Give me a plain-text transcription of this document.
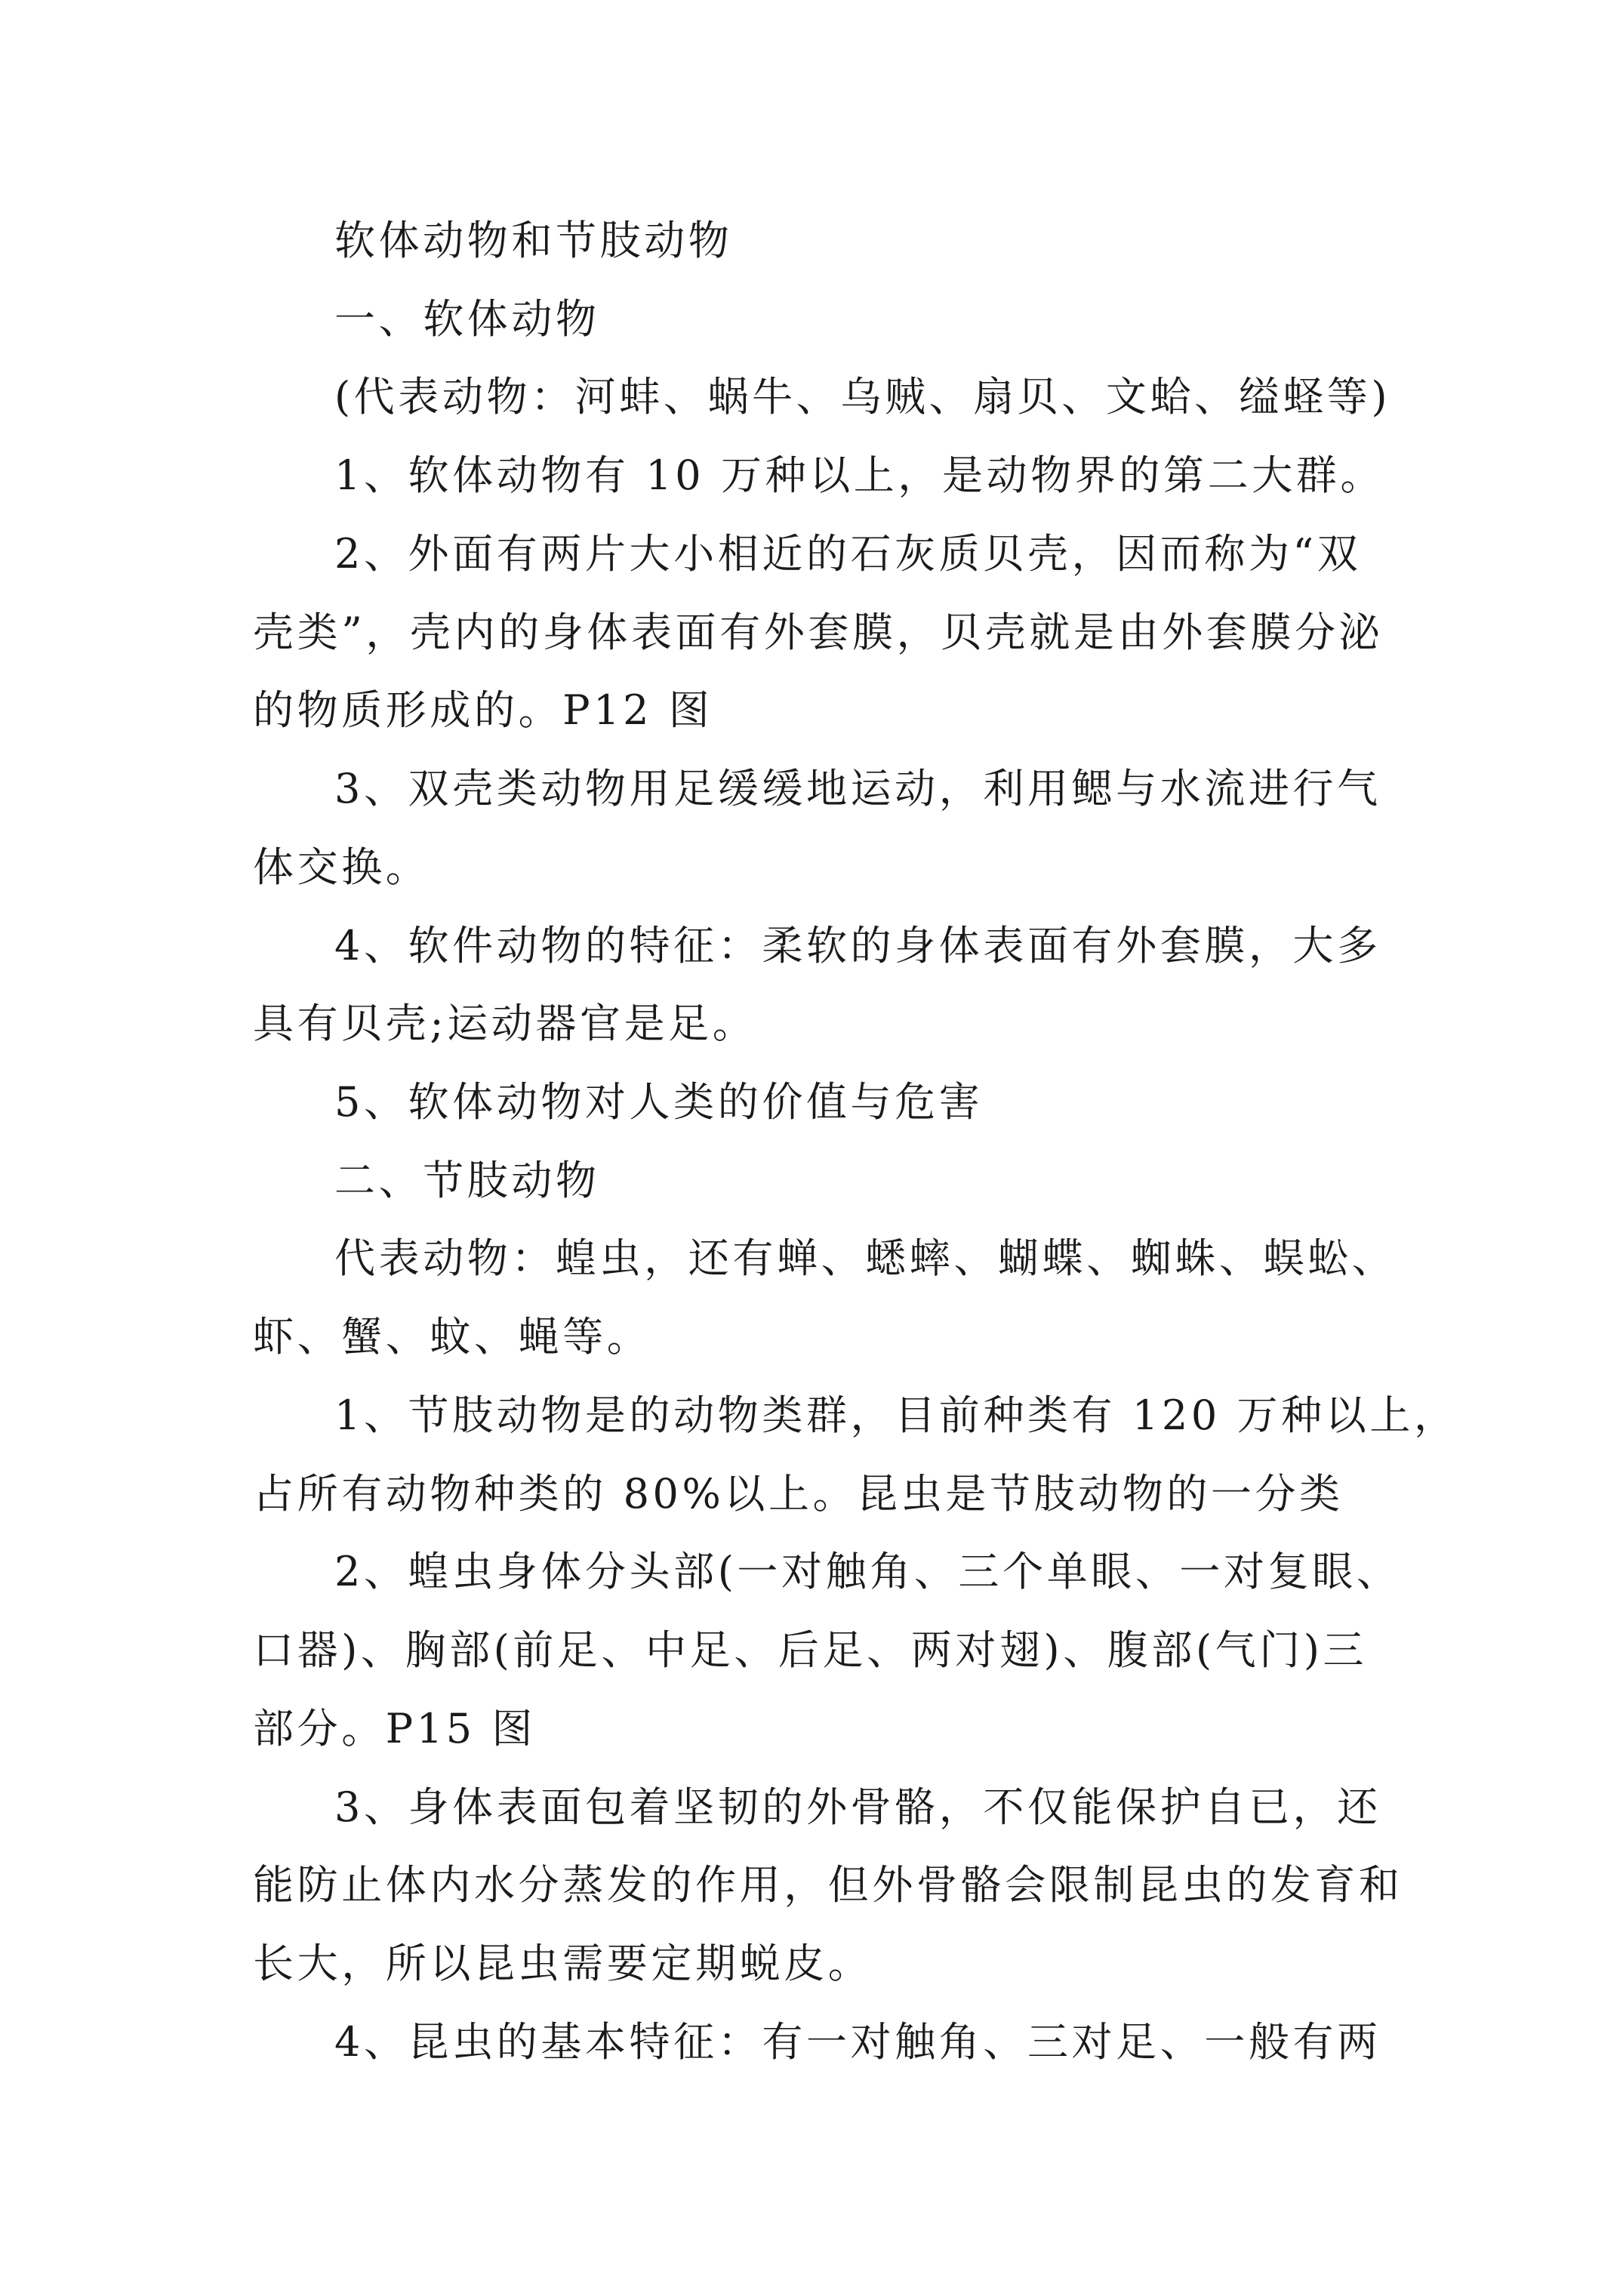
软体动物和节肢动物
一、软体动物
(代表动物：河蚌、蜗牛、乌贼、扇贝、文蛤、缢蛏等)
1、软体动物有 10 万种以上，是动物界的第二大群。
2、外面有两片大小相近的石灰质贝壳，因而称为“双
壳类”，壳内的身体表面有外套膜，贝壳就是由外套膜分泌
的物质形成的。P12 图
3、双壳类动物用足缓缓地运动，利用鳃与水流进行气
体交换。
4、软件动物的特征：柔软的身体表面有外套膜，大多
具有贝壳;运动器官是足。
5、软体动物对人类的价值与危害
二、节肢动物
代表动物：蝗虫，还有蝉、蟋蟀、蝴蝶、蜘蛛、蜈蚣、
虾、蟹、蚊、蝇等。
1、节肢动物是的动物类群，目前种类有 120 万种以上，
占所有动物种类的 80%以上。昆虫是节肢动物的一分类
2、蝗虫身体分头部(一对触角、三个单眼、一对复眼、
口器)、胸部(前足、中足、后足、两对翅)、腹部(气门)三
部分。P15 图
3、身体表面包着坚韧的外骨骼，不仅能保护自已，还
能防止体内水分蒸发的作用，但外骨骼会限制昆虫的发育和
长大，所以昆虫需要定期蜕皮。
4、昆虫的基本特征：有一对触角、三对足、一般有两
